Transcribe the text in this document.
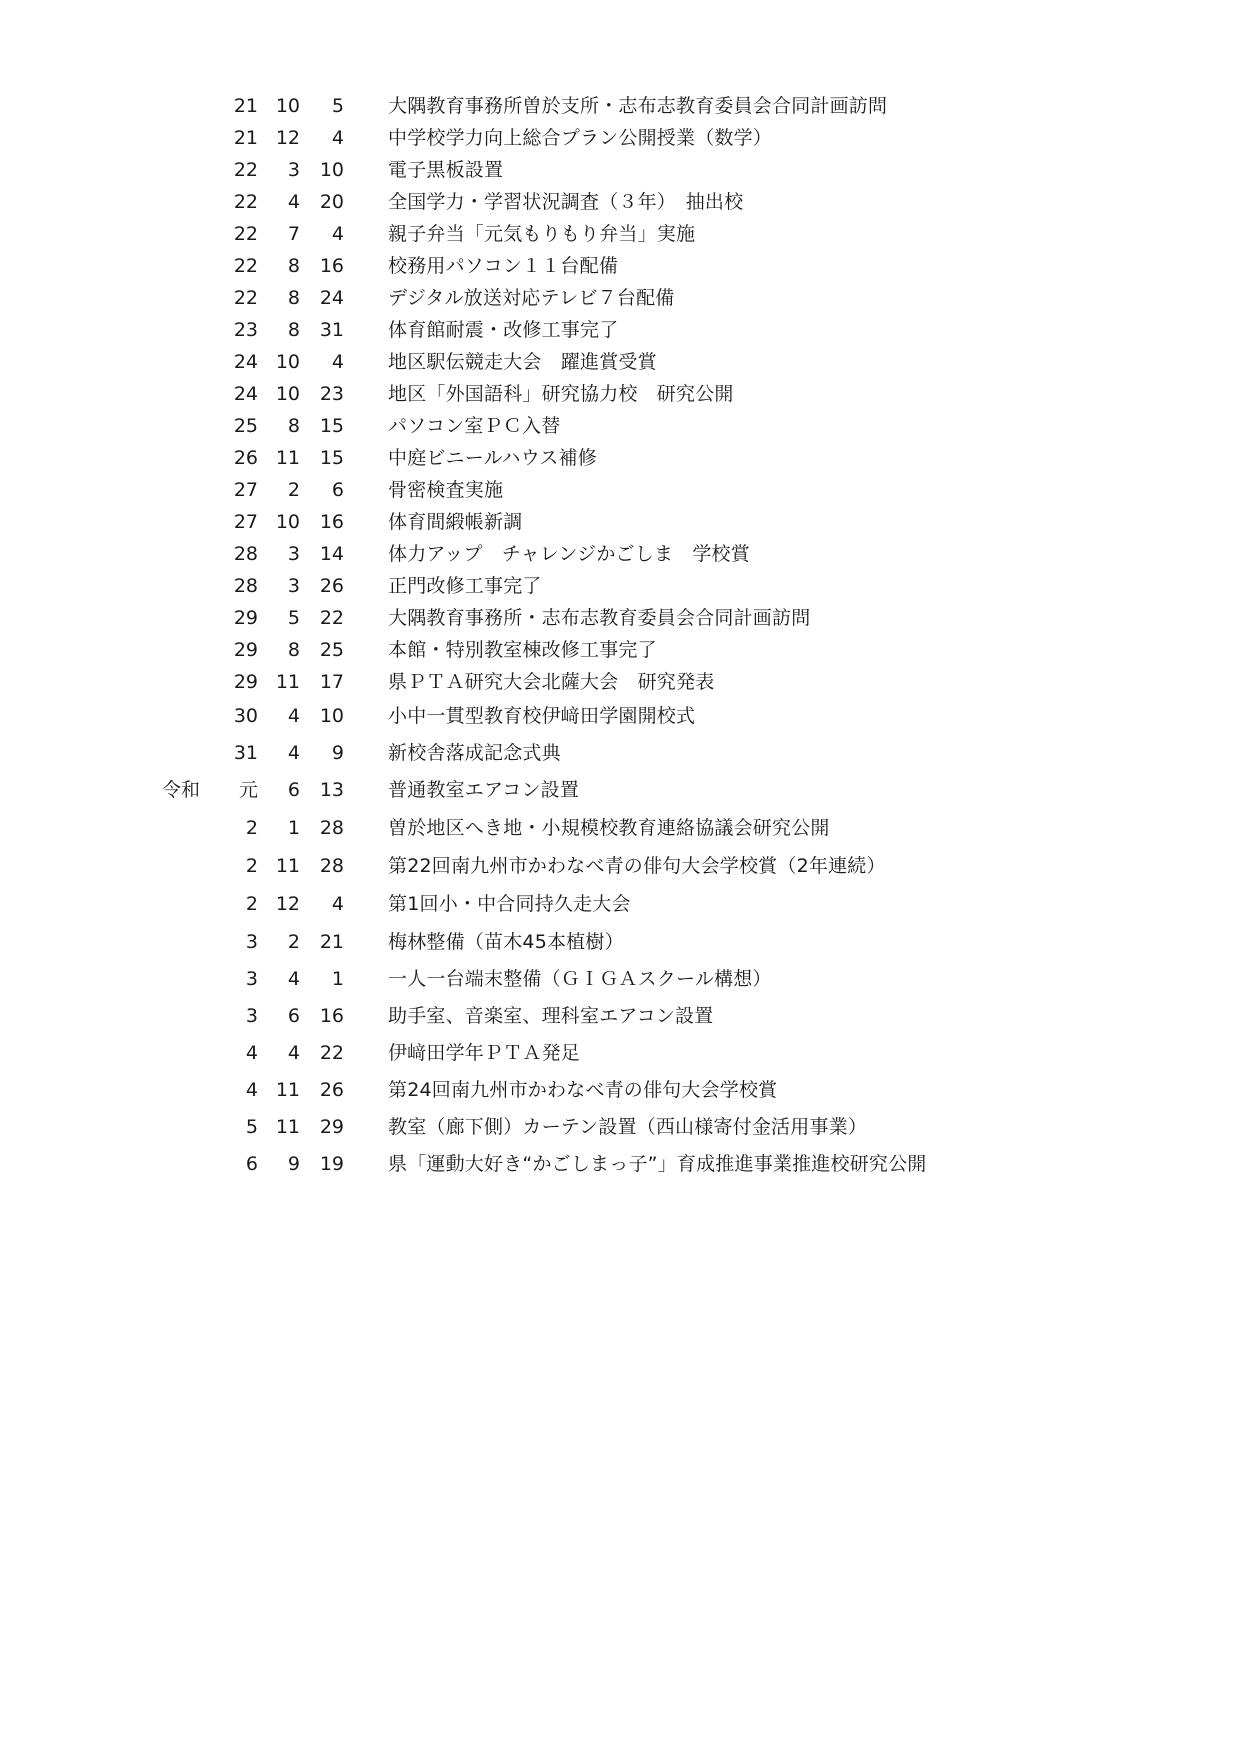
21 10	5 大隅教育事務所曽於支所・志布志教育委員会合同計画訪問
21 12	4 中学校学力向上総合プラン公開授業（数学）
22	3	10 電子黒板設置
22	4	20 全国学力・学習状況調査（３年）　抽出校
22	7	4 親子弁当「元気もりもり弁当」実施
22	8	16 校務用パソコン１１台配備
22	8	24 デジタル放送対応テレビ７台配備
23	8	31 体育館耐震・改修工事完了
24 10	4 地区駅伝競走大会　躍進賞受賞
24 10	23 地区「外国語科」研究協力校　研究公開
25	8	15 パソコン室ＰＣ入替
26 11	15 中庭ビニールハウス補修
27	2	6 骨密検査実施
27 10	16 体育間緞帳新調
28	3	14 体力アップ　チャレンジかごしま　学校賞
28	3	26 正門改修工事完了
29	5	22 大隅教育事務所・志布志教育委員会合同計画訪問
29	8	25 本館・特別教室棟改修工事完了
29 11	17 県ＰＴＡ研究大会北薩大会　研究発表
30	4	10 小中一貫型教育校伊﨑田学園開校式
31	4	9 新校舎落成記念式典
令和	元	6	13 普通教室エアコン設置
2	1	28 曽於地区へき地・小規模校教育連絡協議会研究公開
2 11	28 第22回南九州市かわなべ青の俳句大会学校賞（2年連続）
2 12	4 第1回小・中合同持久走大会
3	2	21 梅林整備（苗木45本植樹）
3	4	1 一人一台端末整備（ＧＩＧＡスクール構想）
3	6	16 助手室、音楽室、理科室エアコン設置
4	4	22 伊﨑田学年ＰＴＡ発足
4 11	26 第24回南九州市かわなべ青の俳句大会学校賞
5 11	29 教室（廊下側）カーテン設置（西山様寄付金活用事業）
6	9	19 県「運動大好き“かごしまっ子”」育成推進事業推進校研究公開
